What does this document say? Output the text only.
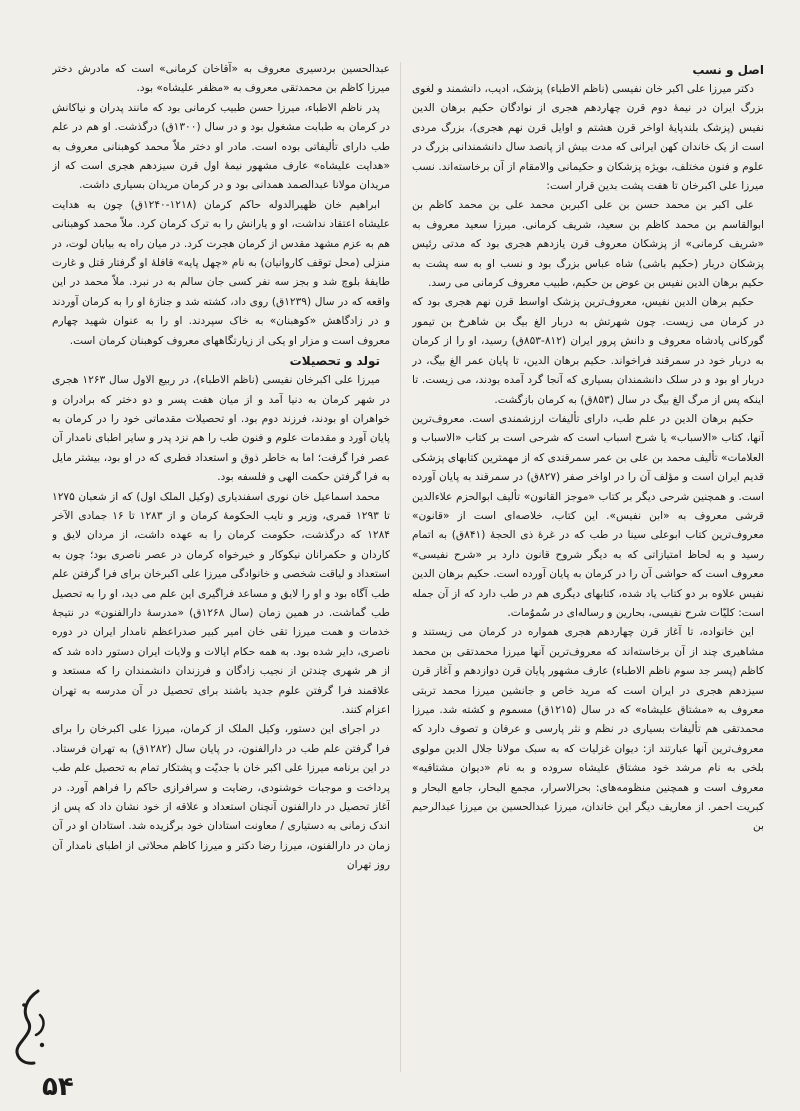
اصل و نسب

دکتر میرزا علی اکبر خان نفیسی (ناظم الاطباء) پزشک، ادیب، دانشمند و لغوی بزرگ ایران در نیمهٔ دوم قرن چهاردهم هجری از نوادگان حکیم برهان الدین نفیس (پزشک بلندپایهٔ اواخر قرن هشتم و اوایل قرن نهم هجری)، بزرگ مردی است از یک خاندان کهن ایرانی که مدت بیش از پانصد سال دانشمندانی بزرگ در علوم و فنون مختلف، بویژه پزشکان و حکیمانی والامقام از آن برخاسته‌اند. نسب میرزا علی اکبرخان تا هفت پشت بدین قرار است:

علی اکبر بن محمد حسن بن علی اکبربن محمد علی بن محمد کاظم بن ابوالقاسم بن محمد کاظم بن سعید، شریف کرمانی. میرزا سعید معروف به «شریف کرمانی» از پزشکان معروف قرن یازدهم هجری بود که مدتی رئیس پزشکان دربار (حکیم باشی) شاه عباس بزرگ بود و نسب او به سه پشت به حکیم برهان الدین نفیس بن عوض بن حکیم، طبیب معروف کرمانی می رسد.

حکیم برهان الدین نفیس، معروف‌ترین پزشک اواسط قرن نهم هجری بود که در کرمان می زیست. چون شهرتش به دربار الغ بیگ بن شاهرخ بن تیمور گورکانی پادشاه معروف و دانش پرور ایران (۸۱۲-۸۵۳ق) رسید، او را از کرمان به دربار خود در سمرقند فراخواند. حکیم برهان الدین، تا پایان عمر الغ بیگ، در دربار او بود و در سلک دانشمندان بسیاری که آنجا گرد آمده بودند، می زیست. تا اینکه پس از مرگ الغ بیگ در سال (۸۵۳ق) به کرمان بازگشت.

حکیم برهان الدین در علم طب، دارای تألیفات ارزشمندی است. معروف‌ترین آنها، کتاب «الاسباب» یا شرح اسباب است که شرحی است بر کتاب «الاسباب و العلامات» تألیف محمد بن علی بن عمر سمرقندی که از مهمترین کتابهای پزشکی قدیم ایران است و مؤلف آن را در اواخر صفر (۸۲۷ق) در سمرقند به پایان آورده است. و همچنین شرحی دیگر بر کتاب «موجز القانون» تألیف ابوالحزم علاءالدین قرشی معروف به «ابن نفیس». این کتاب، خلاصه‌ای است از «قانون» معروف‌ترین کتاب ابوعلی سینا در طب که در غرهٔ ذی الحجهٔ (۸۴۱ق) به اتمام رسید و به لحاظ امتیازاتی که به دیگر شروح قانون دارد بر «شرح نفیسی» معروف است که حواشی آن را در کرمان به پایان آورده است. حکیم برهان الدین نفیس علاوه بر دو کتاب یاد شده، کتابهای دیگری هم در طب دارد که از آن جمله است: کلیّات شرح نفیسی، بحارین و رساله‌ای در سُموُمات.

این خانواده، تا آغاز قرن چهاردهم هجری همواره در کرمان می زیستند و مشاهیری چند از آن برخاسته‌اند که معروف‌ترین آنها میرزا محمدتقی بن محمد کاظم (پسر جد سوم ناظم الاطباء) عارف مشهور پایان قرن دوازدهم و آغاز قرن سیزدهم هجری در ایران است که مرید خاص و جانشین میرزا محمد تربتی معروف به «مشتاق علیشاه» که در سال (۱۲۱۵ق) مسموم و کشته شد. میرزا محمدتقی هم تألیفات بسیاری در نظم و نثر پارسی و عرفان و تصوف دارد که معروف‌ترین آنها عبارتند از: دیوان غزلیات که به سبک مولانا جلال الدین مولوی بلخی به نام مرشد خود مشتاق علیشاه سروده و به نام «دیوان مشتاقیه» معروف است و همچنین منظومه‌های: بحرالاسرار، مجمع البحار، جامع البحار و کبریت احمر. از معاریف دیگر این خاندان، میرزا عبدالحسین بن میرزا عبدالرحیم بن

عبدالحسین بردسیری معروف به «آقاخان کرمانی» است که مادرش دختر میرزا کاظم بن محمدتقی معروف به «مظفر علیشاه» بود.

پدر ناظم الاطباء، میرزا حسن طبیب کرمانی بود که مانند پدران و نیاکانش در کرمان به طبابت مشغول بود و در سال (۱۳۰۰ق) درگذشت. او هم در علم طب دارای تألیفاتی بوده است. مادر او دختر ملاّ محمد کوهبنانی معروف به «هدایت علیشاه» عارف مشهور نیمهٔ اول قرن سیزدهم هجری است که از مریدان مولانا عبدالصمد همدانی بود و در کرمان مریدان بسیاری داشت.

ابراهیم خان ظهیرالدوله حاکم کرمان (۱۲۱۸-۱۲۴۰ق) چون به هدایت علیشاه اعتقاد نداشت، او و یارانش را به ترک کرمان کرد. ملاّ محمد کوهبنانی هم به عزم مشهد مقدس از کرمان هجرت کرد. در میان راه به بیابان لوت، در منزلی (محل توقف کاروانیان) به نام «چهل پایه» قافلهٔ او گرفتار قتل و غارت طایفهٔ بلوچ شد و بجز سه نفر کسی جان سالم به در نبرد. ملاّ محمد در این واقعه که در سال (۱۲۳۹ق) روی داد، کشته شد و جنازهٔ او را به کرمان آوردند و در زادگاهش «کوهبنان» به خاک سپردند. او را به عنوان شهید چهارم معروف است و مزار او یکی از زیارتگاههای معروف کوهبنان کرمان است.

تولد و تحصیلات

میرزا علی اکبرخان نفیسی (ناظم الاطباء)، در ربیع الاول سال ۱۲۶۳ هجری در شهر کرمان به دنیا آمد و از میان هفت پسر و دو دختر که برادران و خواهران او بودند، فرزند دوم بود. او تحصیلات مقدماتی خود را در کرمان به پایان آورد و مقدمات علوم و فنون طب را هم نزد پدر و سایر اطبای نامدار آن عصر فرا گرفت؛ اما به خاطر ذوق و استعداد فطری که در او بود، بیشتر مایل به فرا گرفتن حکمت الهی و فلسفه بود.

محمد اسماعیل خان نوری اسفندیاری (وکیل الملک اول) که از شعبان ۱۲۷۵ تا ۱۲۹۳ قمری، وزیر و نایب الحکومهٔ کرمان و از ۱۲۸۳ تا ۱۶ جمادی الآخر ۱۲۸۴ که درگذشت، حکومت کرمان را به عهده داشت، از مردان لایق و کاردان و حکمرانان نیکوکار و خیرخواه کرمان در عصر ناصری بود؛ چون به استعداد و لیاقت شخصی و خانوادگی میرزا علی اکبرخان برای فرا گرفتن علم طب آگاه بود و او را لایق و مساعد فراگیری این علم می دید، او را به تحصیل طب گماشت. در همین زمان (سال ۱۲۶۸ق) «مدرسهٔ دارالفنون» در نتیجهٔ خدمات و همت میرزا تقی خان امیر کبیر صدراعظم نامدار ایران در دوره ناصری، دایر شده بود. به همه حکام ایالات و ولایات ایران دستور داده شد که از هر شهری چندتن از نجیب زادگان و فرزندان دانشمندان را که مستعد و علاقمند فرا گرفتن علوم جدید باشند برای تحصیل در آن مدرسه به تهران اعزام کنند.

در اجرای این دستور، وکیل الملک از کرمان، میرزا علی اکبرخان را برای فرا گرفتن علم طب در دارالفنون، در پایان سال (۱۲۸۲ق) به تهران فرستاد. در این برنامه میرزا علی اکبر خان با جدیّت و پشتکار تمام به تحصیل علم طب پرداخت و موجبات خوشنودی، رضایت و سرافرازی حاکم را فراهم آورد. در آغاز تحصیل در دارالفنون آنچنان استعداد و علاقه از خود نشان داد که پس از اندک زمانی به دستیاری / معاونت استادان خود برگزیده شد. استادان او در آن زمان در دارالفنون، میرزا رضا دکتر و میرزا کاظم محلاتی از اطبای نامدار آن روز تهران

۵۴
